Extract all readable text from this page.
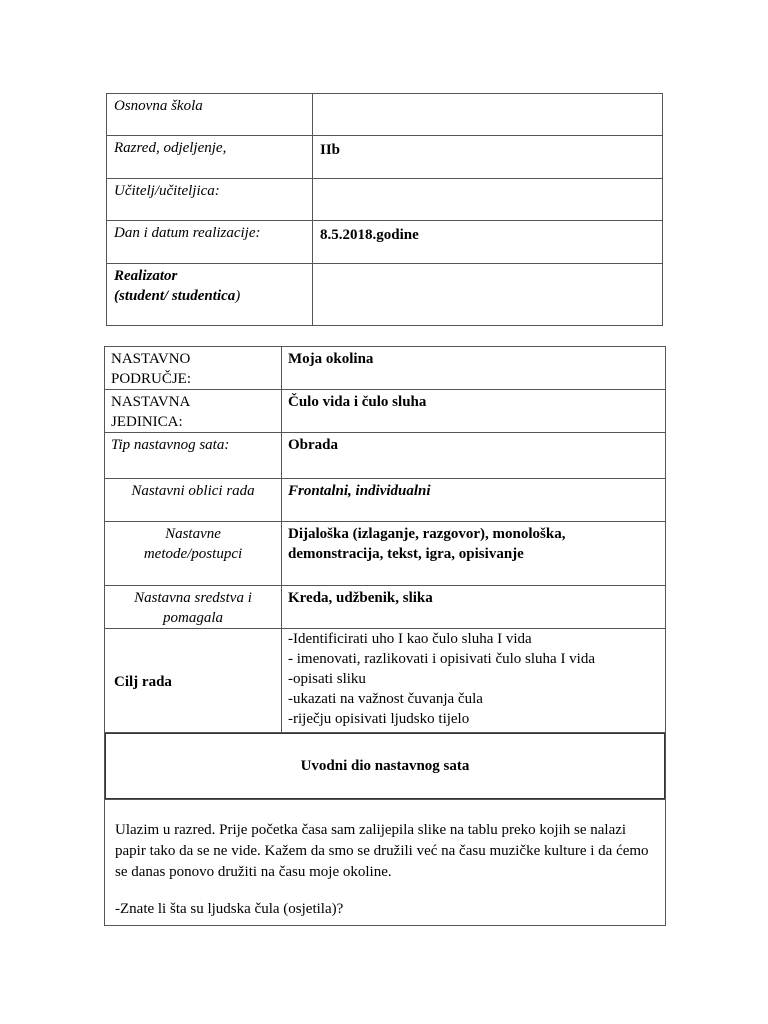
Osnovna škola	
Razred, odjeljenje,	IIb
Učitelj/učiteljica:	
Dan i datum realizacije:	8.5.2018.godine
Realizator
(student/ studentica)	
NASTAVNO
PODRUČJE:	Moja okolina
NASTAVNA
JEDINICA:	Čulo vida i čulo sluha
Tip nastavnog sata:	Obrada
Nastavni oblici rada	Frontalni, individualni
Nastavne
metode/postupci	Dijaloška (izlaganje, razgovor), monološka,
demonstracija, tekst, igra, opisivanje
Nastavna sredstva i
pomagala	Kreda, udžbenik, slika
Cilj rada	-Identificirati uho I kao čulo sluha I vida
- imenovati, razlikovati i opisivati čulo sluha I vida
-opisati sliku
-ukazati na važnost čuvanja čula
-riječju opisivati ljudsko tijelo

Uvodni dio nastavnog sata	

Ulazim u razred. Prije početka časa sam zalijepila slike na tablu preko kojih se nalazi papir tako da se ne vide. Kažem da smo se družili već na času muzičke kulture i da ćemo se danas ponovo družiti na času moje okoline.

-Znate li šta su ljudska čula (osjetila)?	
